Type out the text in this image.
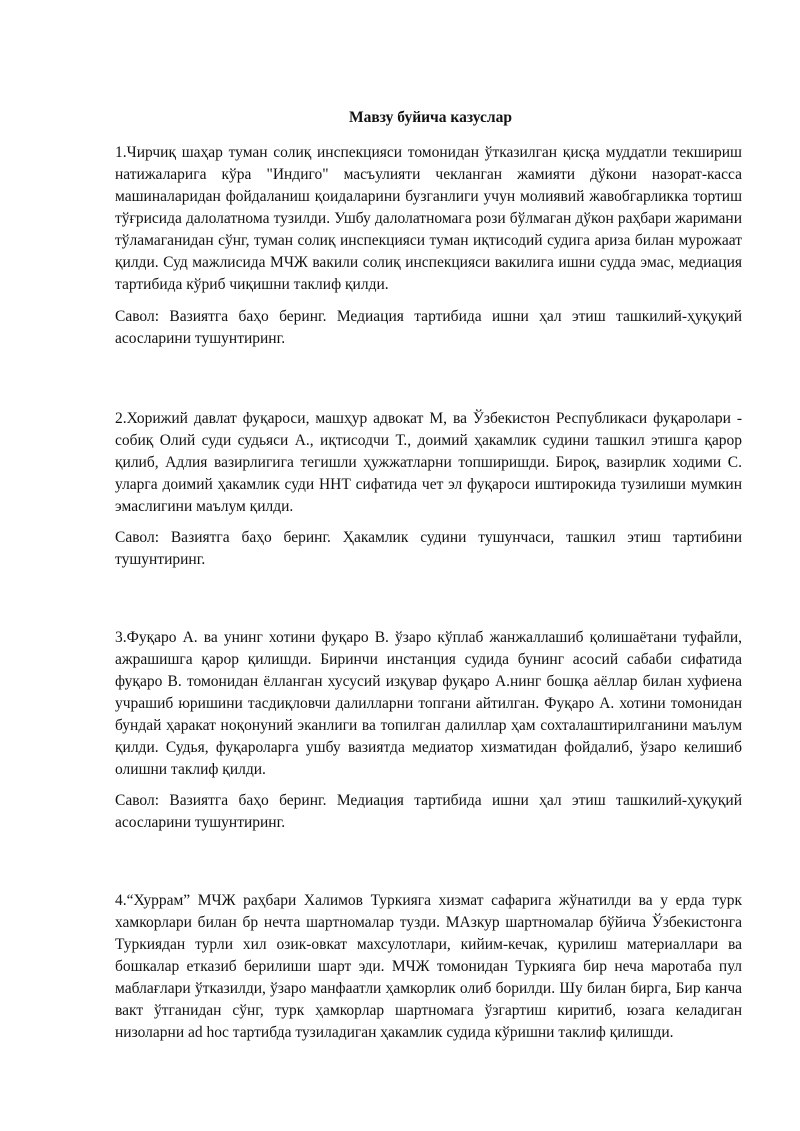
Мавзу буйича казуслар

1.Чирчиқ шаҳар туман солиқ инспекцияси томонидан ўтказилган қисқа муддатли текшириш натижаларига кўра "Индиго" масъулияти чекланган жамияти дўкони назорат-касса машиналаридан фойдаланиш қоидаларини бузганлиги учун молиявий жавобгарликка тортиш тўғрисида далолатнома тузилди. Ушбу далолатномага рози бўлмаган дўкон раҳбари жаримани тўламаганидан сўнг, туман солиқ инспекцияси туман иқтисодий судига ариза билан мурожаат қилди. Суд мажлисида МЧЖ вакили солиқ инспекцияси вакилига ишни судда эмас, медиация тартибида кўриб чиқишни таклиф қилди.

Савол: Вазиятга баҳо беринг. Медиация тартибида ишни ҳал этиш ташкилий-ҳуқуқий асосларини тушунтиринг.

2.Хорижий давлат фуқароси, машҳур адвокат М, ва Ўзбекистон Республикаси фуқаролари - собиқ Олий суди судьяси А., иқтисодчи Т., доимий ҳакамлик судини ташкил этишга қарор қилиб, Адлия вазирлигига тегишли ҳужжатларни топширишди. Бироқ, вазирлик ходими С. уларга доимий ҳакамлик суди ННТ сифатида чет эл фуқароси иштирокида тузилиши мумкин эмаслигини маълум қилди.

Савол: Вазиятга баҳо беринг. Ҳакамлик судини тушунчаси, ташкил этиш тартибини тушунтиринг.

3.Фуқаро А. ва унинг хотини фуқаро В. ўзаро кўплаб жанжаллашиб қолишаётани туфайли, ажрашишга қарор қилишди. Биринчи инстанция судида бунинг асосий сабаби сифатида фуқаро В. томонидан ёлланган хусусий изқувар фуқаро А.нинг бошқа аёллар билан хуфиена учрашиб юришини тасдиқловчи далилларни топгани айтилган. Фуқаро А. хотини томонидан бундай ҳаракат ноқонуний эканлиги ва топилган далиллар ҳам сохталаштирилганини маълум қилди. Судья, фуқароларга ушбу вазиятда медиатор хизматидан фойдалиб, ўзаро келишиб олишни таклиф қилди.

Савол: Вазиятга баҳо беринг. Медиация тартибида ишни ҳал этиш ташкилий-ҳуқуқий асосларини тушунтиринг.

4.“Хуррам” МЧЖ раҳбари Халимов Туркияга хизмат сафарига жўнатилди ва у ерда турк хамкорлари билан бр нечта шартномалар тузди. МАзкур шартномалар бўйича Ўзбекистонга Туркиядан турли хил озик-овкат махсулотлари, кийим-кечак, қурилиш материаллари ва бошкалар етказиб берилиши шарт эди. МЧЖ томонидан Туркияга бир неча маротаба пул маблағлари ўтказилди, ўзаро манфаатли ҳамкорлик олиб борилди. Шу билан бирга, Бир канча вакт ўтганидан сўнг, турк ҳамкорлар шартномага ўзгартиш киритиб, юзага келадиган низоларни ad hoc тартибда тузиладиган ҳакамлик судида кўришни таклиф қилишди.
